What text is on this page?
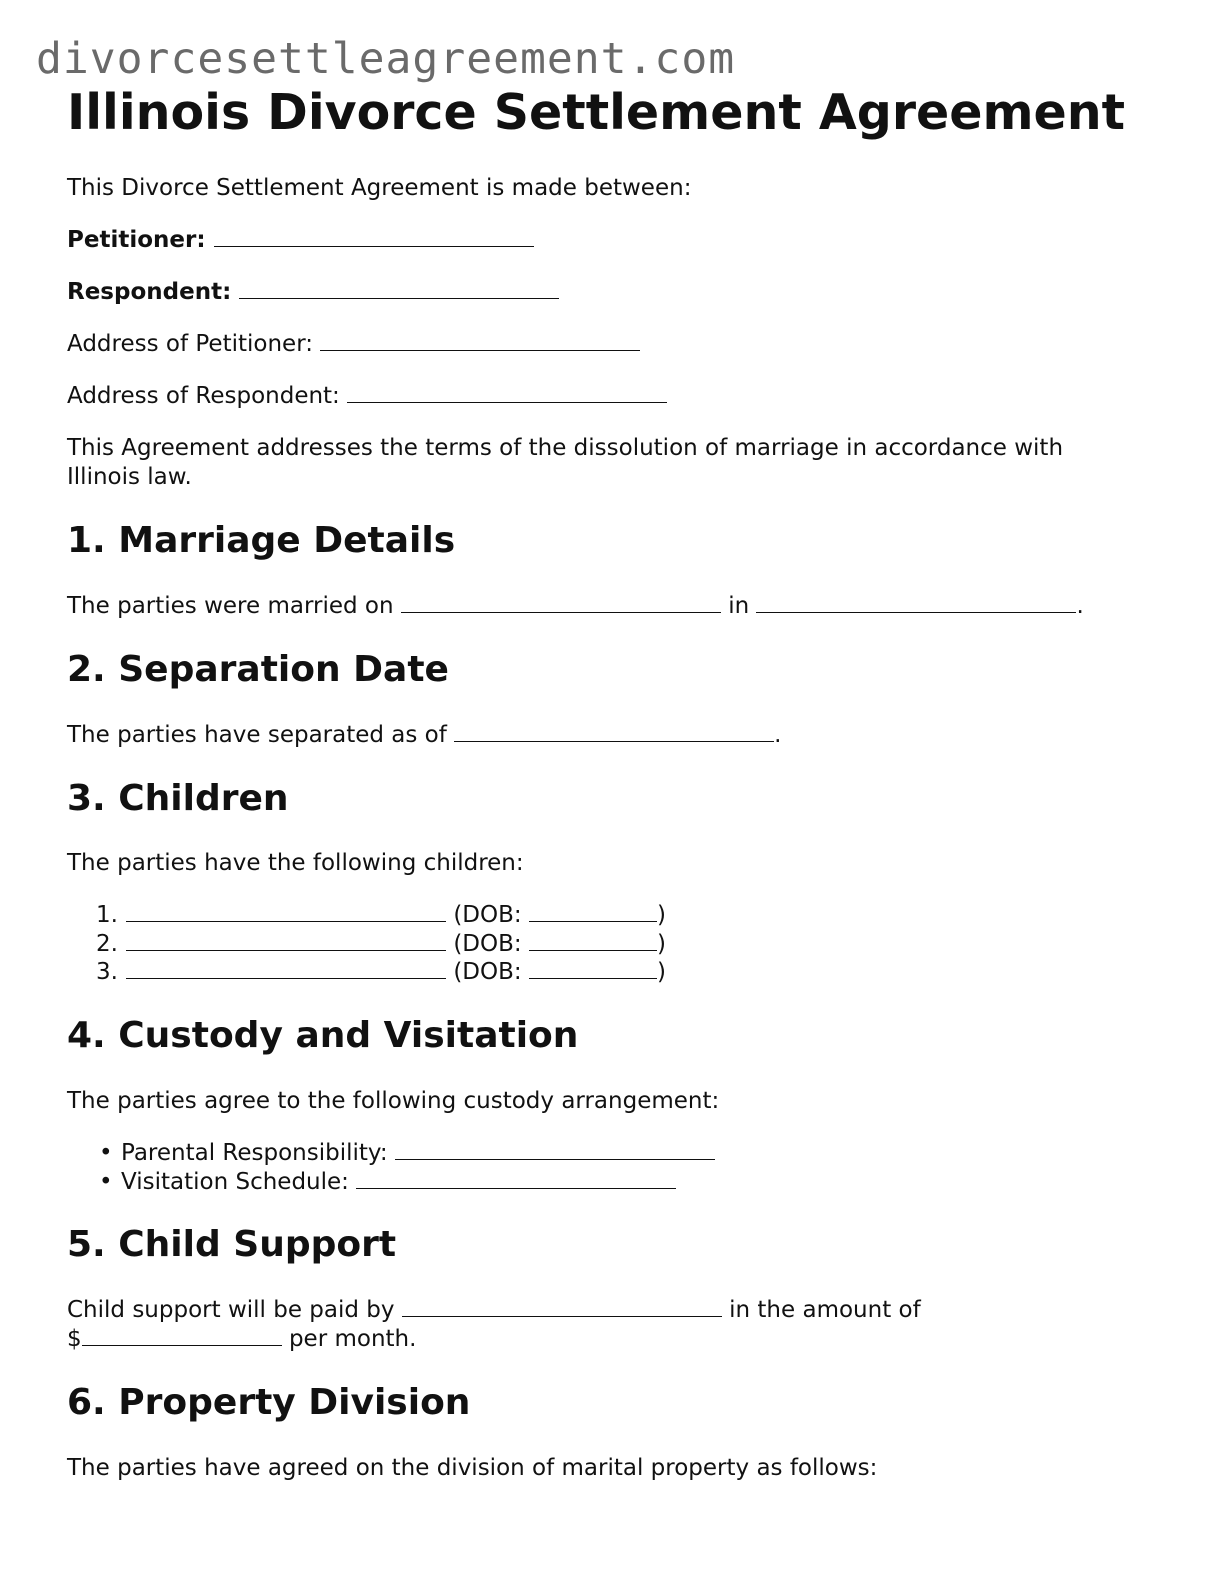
divorcesettleagreement.com
Illinois Divorce Settlement Agreement

This Divorce Settlement Agreement is made between:

Petitioner:

Respondent:

Address of Petitioner:

Address of Respondent:

This Agreement addresses the terms of the dissolution of marriage in accordance with

Illinois law.

1. Marriage Details

The parties were married on	in	.

2. Separation Date

The parties have separated as of	.

3. Children

The parties have the following children:

1.	(DOB:	)
2.	(DOB:	)
3.	(DOB:	)
4. Custody and Visitation

The parties agree to the following custody arrangement:

• Parental Responsibility:
• Visitation Schedule:
5. Child Support

Child support will be paid by	in the amount of

$	per month.

6. Property Division

The parties have agreed on the division of marital property as follows:
